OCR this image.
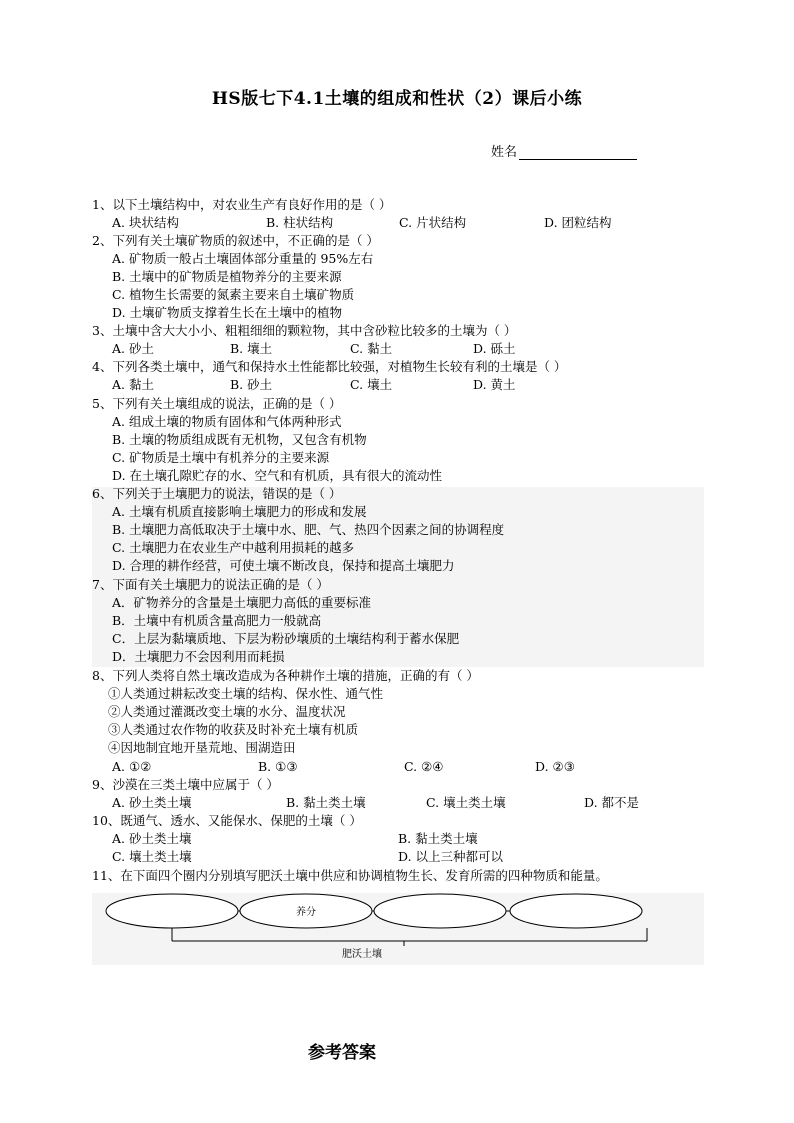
HS版七下4.1土壤的组成和性状（2）课后小练
姓名
1、以下土壤结构中，对农业生产有良好作用的是（ ）
A. 块状结构	B. 柱状结构	C. 片状结构	D. 团粒结构
2、下列有关土壤矿物质的叙述中，不正确的是（ ）
A. 矿物质一般占土壤固体部分重量的 95%左右
B. 土壤中的矿物质是植物养分的主要来源
C. 植物生长需要的氮素主要来自土壤矿物质
D. 土壤矿物质支撑着生长在土壤中的植物
3、土壤中含大大小小、粗粗细细的颗粒物，其中含砂粒比较多的土壤为（ ）
A. 砂土	B. 壤土	C. 黏土	D. 砾土
4、下列各类土壤中，通气和保持水土性能都比较强，对植物生长较有利的土壤是（ ）
A. 黏土	B. 砂土	C. 壤土	D. 黄土
5、下列有关土壤组成的说法，正确的是（ ）
A. 组成土壤的物质有固体和气体两种形式
B. 土壤的物质组成既有无机物，又包含有机物
C. 矿物质是土壤中有机养分的主要来源
D. 在土壤孔隙贮存的水、空气和有机质，具有很大的流动性
6、下列关于土壤肥力的说法，错误的是（ ）
A. 土壤有机质直接影响土壤肥力的形成和发展
B. 土壤肥力高低取决于土壤中水、肥、气、热四个因素之间的协调程度
C. 土壤肥力在农业生产中越利用损耗的越多
D. 合理的耕作经营，可使土壤不断改良，保持和提高土壤肥力
7、下面有关土壤肥力的说法正确的是（ ）
A．矿物养分的含量是土壤肥力高低的重要标准
B．土壤中有机质含量高肥力一般就高
C．上层为黏壤质地、下层为粉砂壤质的土壤结构利于蓄水保肥
D．土壤肥力不会因利用而耗损
8、下列人类将自然土壤改造成为各种耕作土壤的措施，正确的有（ ）
①人类通过耕耘改变土壤的结构、保水性、通气性
②人类通过灌溉改变土壤的水分、温度状况
③人类通过农作物的收获及时补充土壤有机质
④因地制宜地开垦荒地、围湖造田
A. ①②	B. ①③	C. ②④	D. ②③
9、沙漠在三类土壤中应属于（ ）
A. 砂土类土壤	B. 黏土类土壤	C. 壤土类土壤	D. 都不是
10、既通气、透水、又能保水、保肥的土壤（ ）
A. 砂土类土壤	B. 黏土类土壤
C. 壤土类土壤	D. 以上三种都可以
11、在下面四个圈内分别填写肥沃土壤中供应和协调植物生长、发育所需的四种物质和能量。
养分
肥沃土壤
参考答案
